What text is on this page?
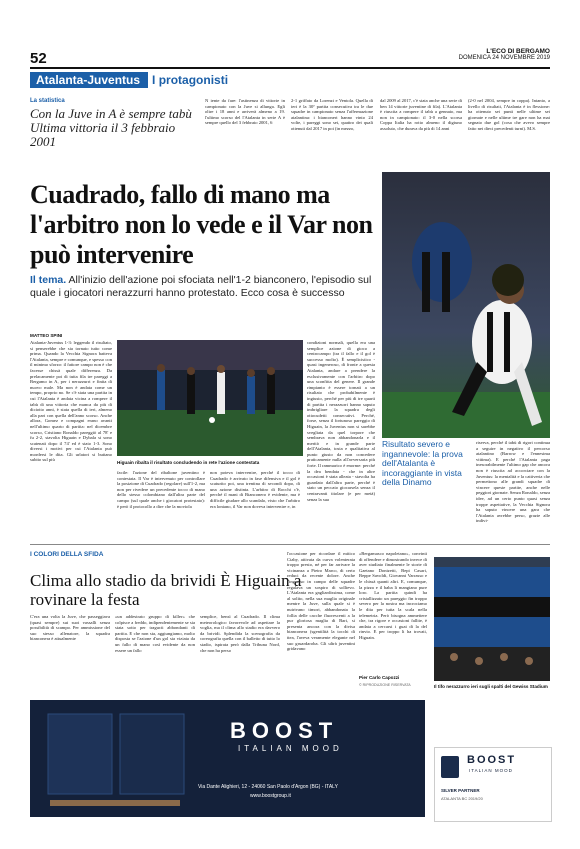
52	L'ECO DI BERGAMO
DOMENICA 24 NOVEMBRE 2019
Atalanta-Juventus I protagonisti
La statistica
Con la Juve in A è sempre tabù Ultima vittoria il 3 febbraio 2001

N iente da fare: l'astinenza di vittorie in campionato con la Juve si allunga. Egli oltre i 18 anni e arriverà almeno a 19. l'ultimo scorso del l'Atalanta in serie A è sempre quello del 3 febbraio 2001, 6

2-1 griffato da Lorenzi e Ventola. Quella di ieri è la 30ª partita consecutiva tra le due squadre in campionato senza l'affermazione atalantina: i bianconeri hanno vinto 24 volte, i pareggi sono sei, quattro dei quali ottenuti dal 2017 in poi (in mezzo,

dal 2009 al 2017, c'è stata anche una serie di ben 14 vittorie juventine di fila). L'Atalanta è riuscita a rompere il tabù a gennaio, ma non in campionato: il 3-0 nella scorsa Coppa Italia ha rotto almeno il digiuno assoluto, che durava da più di 14 anni

(2-0 nel 2004, sempre in coppa). Intanto, a livello di risultati, l'Atalanta è in flessione: ha ottenuto sei punti nelle ultime sei giornate e nelle ultime tre gare non ha mai segnato due gol (cosa che avevo sempre fatto nei dieci precedenti turni). M.S.

Cuadrado, fallo di mano ma l'arbitro non lo vede e il Var non può intervenire
Il tema. All'inizio dell'azione poi sfociata nell'1-2 bianconero, l'episodio sul quale i giocatori nerazzurri hanno protestato. Ecco cosa è successo
MATTEO SPINI

Atalanta-Juventus 1-3: leggendo il risultato, si penserebbe che sia tornato tutto come prima. Quando la Vecchia Signora batteva l'Atalanta, sempre e comunque, e spesso con il minimo sforzo: il fattore campo non è che facesse chissà quale differenza. Da prelacamente poi di tutta fila tre pareggi a Bergamo in A, per i nerazzurri e finita di nuovo male. Ma non è andata come un tempo, proprio no. Se c'è stata una partita in cui l'Atalanta è andata vicina a rompere il tabù di una vittoria che manca da più di diciotto anni, è stata quella di ieri, almeno alla pari con quella dell'anno scorso. Anche allora, Gomez e compagni erano avanti nell'ultimo quarto di partita: nel dicembre scorso, Cristiano Ronaldo pareggiò al 78' e fu 2-2, stavolta Higuain e Dybala si sono scatenati dopo il 74' ed è stato 1-3. Sono diversi i motivi per cui l'Atalanta può mordersi le dita. Gli urlatori si buttano subito sul più

Higuain ribalta il risultato concludendo in rete l'azione contestata

facile: l'azione del ribaltone juventino è contestata. Il Var è intervenuto per controllare la posizione di Cuadrado (regolare) sull'1-2, ma non per rivedere un precedente tocco di mano dello stesso colombiano dall'altra parte del campo (sul quale anche i giocatori protestato): è però il protocollo a dire che la moviola

non poteva intervenire, perché il tocco di Cuadrado è arrivato in fase difensiva e il gol è scaturito poi, una trentina di secondi dopo, di una azione distinta. L'arbitro di Rocchi c'è, perché il mani di Bianconero è evidente, ma è difficile giudare allo scandalo, visto che l'arbitro era lontano, il Var non doveva intervenire e, in

condizioni normali, quella era una semplice azione di gioco a centrocampo (tra il fallo e il gol è successo molto). È semplicistico - quasi ingeneroso, di fronte a questa Atalanta, andare a prendere la esclusivamente con l'arbitro dopo una sconfitta del genere. Il grande rimpianto è essere tornati a un risultato che probabilmente è ingiusto, perché per più di tre quarti di partita i nerazzurri hanno saputo imbrigliare la squadra degli ottocudetti consecutivi. Perché, forse, senza il fortunoso pareggio di Higuain, la Juventus non si sarebbe svegliata da quel torpore che sembrava non abbandonarla e il meritò e in grande parte dell'Atalanta, tosta e qualitativa al punto giusto da non concedere praticamente nulla all'avversaria più forte. Il rammarico è enorme: perché la dea bendata - che in altre occasioni è stata alleata - stavolta ha guardato dall'altra parte, perché è stato un peccato giocarsela senza il centravanti titolare (e per metà) senza la sua

Risultato severo e ingannevole: la prova dell'Atalanta è incoraggiante in vista della Dinamo

riserva, perché il tabù di rigori continua a seguire in negativo il percorso atalantino (Barrow e l'ennesima vittima). E perché l'Atalanta paga inesorabilmente l'ultimo gap che ancora non è riuscita ad accorciare con la Juventus: la mentalità e la cattiveria che permettono alle grandi squadre di vincere queste partite, anche nelle peggiori giornate. Senza Ronaldo, senza idee, ad un certo punto quasi senza troppe aspettative, la Vecchia Signora ha saputo vincere una gara che l'Atalanta avrebbe perso, grazie alle indivi-

I COLORI DELLA SFIDA
Clima allo stadio da brividi È Higuain a rovinare la festa

C'era una volta la Juve, che passeggiava (quasi sempre) sui suoi vassalli senza possibilità di scampo. Per ammissione del suo stesso allenatore, la squadra bianconera è attualmente

«un addestrato gruppo di killer» che colpisce a freddo, indipendentemente se sia stata sotto per tragucti abbondanti di partita. E che non sta, aggiungiamo, molto disposta se l'azione d'un gol sia viziata da un fallo di mano così evidente da non essere un fallo

semplice, bensì al Cuadrado. Il clima meteorologico favorevole ad aspettare la voglia, ma il clima allo stadio era davvero da brividi. Splendida la scenografia da coreografia quella con il balletto di tutto lo stadio, ispirata però dalla Tribuna Nord, che non ha perso

l'occasione per ricordare il mitico Ciaby, attivata da curva volenterata troppo presto, né per far arrivare la vicinanza a Pietro Marco, di certo reduci da recente dolore. Anche l'ingresso in campo delle squadre regalava un sospiro di sollievo. L'Atalanta era gagliardissima, come al solito, nella sua maglia originale mentre la Juve, sulla quale si è nutrivano timori, abbandonata la follia delle cacche fluorescenti a la pur gloriosa maglia di Bari, si presenta ancora con la divisa bianconera (sgentilità la tocchi di ttea, l'aveva veramente elegante nel suo gruardaroba. Gli ultrà juventini gridavano

«Bergamasco napoletano», convinti di offendere e dimostrando invece di aver studiato finalmente le storie di Gaetano Donizetti, Bepi Casari, Beppe Savoldi, Giovanni Varrasso e le chissà quanti altri. E, comunque, la pizza e il baba li mangiano pure loro. La partita quindi ha cristallizzato un pareggio fin troppo severo per la nostra ma incrociamo le dita per tutta la scala nella telemetria. Però bisogna ammettere che, tra rigore e occasioni fallite, è andata a cercarsi i guai di la del rinvio. E per troppo li ha trovati, Higuain.

Pier Carlo Capozzi
© RIPRODUZIONE RISERVATA	Il tifo nerazzurro ieri sugli spalti del Gewiss Stadium
BOOST
ITALIAN MOOD
Via Dante Alighieri, 12 - 24060 San Paolo d'Argon (BG) - ITALY
www.boostgroup.it
BOOST
ITALIAN MOOD
SILVER PARTNER
ATALANTA BC 2019/20
